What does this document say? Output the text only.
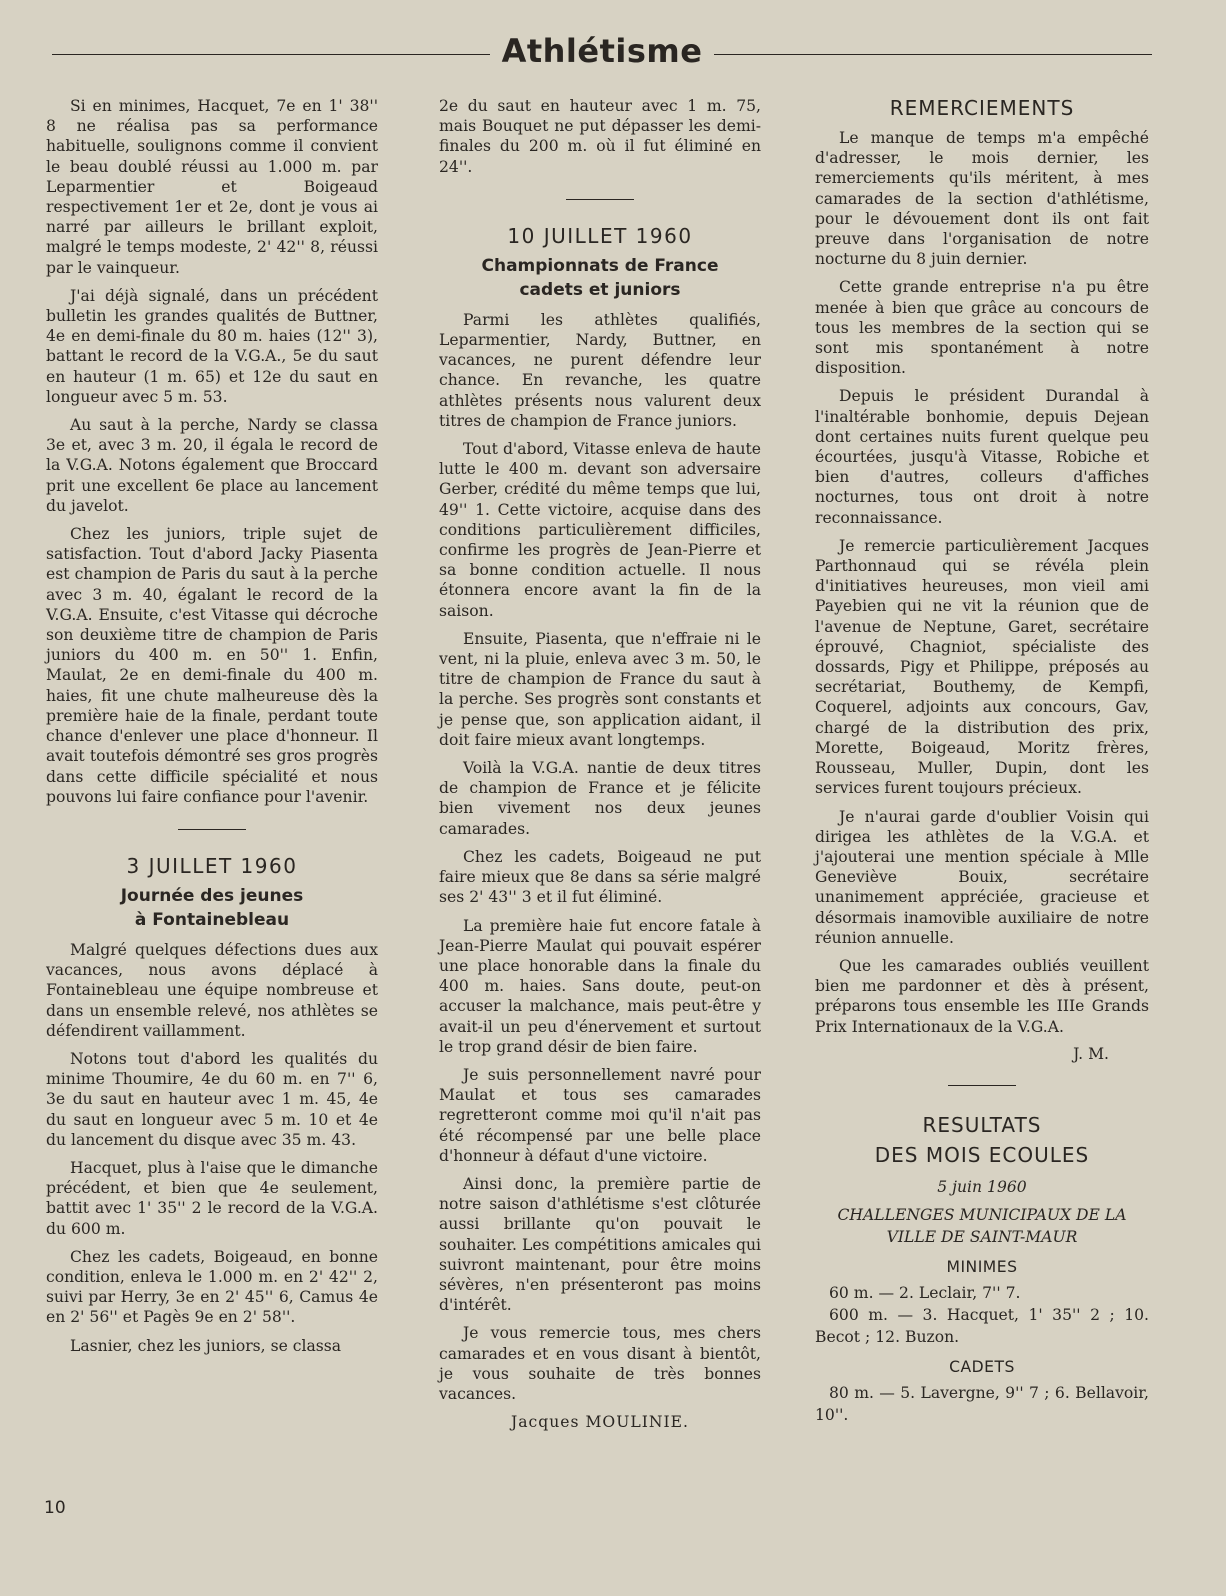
Athlétisme

Si en minimes, Hacquet, 7e en 1' 38'' 8 ne réalisa pas sa performance habituelle, soulignons comme il convient le beau doublé réussi au 1.000 m. par Leparmentier et Boigeaud respectivement 1er et 2e, dont je vous ai narré par ailleurs le brillant exploit, malgré le temps modeste, 2' 42'' 8, réussi par le vainqueur.

J'ai déjà signalé, dans un précédent bulletin les grandes qualités de Buttner, 4e en demi-finale du 80 m. haies (12'' 3), battant le record de la V.G.A., 5e du saut en hauteur (1 m. 65) et 12e du saut en longueur avec 5 m. 53.

Au saut à la perche, Nardy se classa 3e et, avec 3 m. 20, il égala le record de la V.G.A. Notons également que Broccard prit une excellent 6e place au lancement du javelot.

Chez les juniors, triple sujet de satisfaction. Tout d'abord Jacky Piasenta est champion de Paris du saut à la perche avec 3 m. 40, égalant le record de la V.G.A. Ensuite, c'est Vitasse qui décroche son deuxième titre de champion de Paris juniors du 400 m. en 50'' 1. Enfin, Maulat, 2e en demi-finale du 400 m. haies, fit une chute malheureuse dès la première haie de la finale, perdant toute chance d'enlever une place d'honneur. Il avait toutefois démontré ses gros progrès dans cette difficile spécialité et nous pouvons lui faire confiance pour l'avenir.

3 JUILLET 1960
Journée des jeunes
à Fontainebleau

Malgré quelques défections dues aux vacances, nous avons déplacé à Fontainebleau une équipe nombreuse et dans un ensemble relevé, nos athlètes se défendirent vaillamment.

Notons tout d'abord les qualités du minime Thoumire, 4e du 60 m. en 7'' 6, 3e du saut en hauteur avec 1 m. 45, 4e du saut en longueur avec 5 m. 10 et 4e du lancement du disque avec 35 m. 43.

Hacquet, plus à l'aise que le dimanche précédent, et bien que 4e seulement, battit avec 1' 35'' 2 le record de la V.G.A. du 600 m.

Chez les cadets, Boigeaud, en bonne condition, enleva le 1.000 m. en 2' 42'' 2, suivi par Herry, 3e en 2' 45'' 6, Camus 4e en 2' 56'' et Pagès 9e en 2' 58''.

Lasnier, chez les juniors, se classa

2e du saut en hauteur avec 1 m. 75, mais Bouquet ne put dépasser les demi-finales du 200 m. où il fut éliminé en 24''.

10 JUILLET 1960
Championnats de France
cadets et juniors

Parmi les athlètes qualifiés, Leparmentier, Nardy, Buttner, en vacances, ne purent défendre leur chance. En revanche, les quatre athlètes présents nous valurent deux titres de champion de France juniors.

Tout d'abord, Vitasse enleva de haute lutte le 400 m. devant son adversaire Gerber, crédité du même temps que lui, 49'' 1. Cette victoire, acquise dans des conditions particulièrement difficiles, confirme les progrès de Jean-Pierre et sa bonne condition actuelle. Il nous étonnera encore avant la fin de la saison.

Ensuite, Piasenta, que n'effraie ni le vent, ni la pluie, enleva avec 3 m. 50, le titre de champion de France du saut à la perche. Ses progrès sont constants et je pense que, son application aidant, il doit faire mieux avant longtemps.

Voilà la V.G.A. nantie de deux titres de champion de France et je félicite bien vivement nos deux jeunes camarades.

Chez les cadets, Boigeaud ne put faire mieux que 8e dans sa série malgré ses 2' 43'' 3 et il fut éliminé.

La première haie fut encore fatale à Jean-Pierre Maulat qui pouvait espérer une place honorable dans la finale du 400 m. haies. Sans doute, peut-on accuser la malchance, mais peut-être y avait-il un peu d'énervement et surtout le trop grand désir de bien faire.

Je suis personnellement navré pour Maulat et tous ses camarades regretteront comme moi qu'il n'ait pas été récompensé par une belle place d'honneur à défaut d'une victoire.

Ainsi donc, la première partie de notre saison d'athlétisme s'est clôturée aussi brillante qu'on pouvait le souhaiter. Les compétitions amicales qui suivront maintenant, pour être moins sévères, n'en présenteront pas moins d'intérêt.

Je vous remercie tous, mes chers camarades et en vous disant à bientôt, je vous souhaite de très bonnes vacances.

Jacques MOULINIE.
REMERCIEMENTS

Le manque de temps m'a empêché d'adresser, le mois dernier, les remerciements qu'ils méritent, à mes camarades de la section d'athlétisme, pour le dévouement dont ils ont fait preuve dans l'organisation de notre nocturne du 8 juin dernier.

Cette grande entreprise n'a pu être menée à bien que grâce au concours de tous les membres de la section qui se sont mis spontanément à notre disposition.

Depuis le président Durandal à l'inaltérable bonhomie, depuis Dejean dont certaines nuits furent quelque peu écourtées, jusqu'à Vitasse, Robiche et bien d'autres, colleurs d'affiches nocturnes, tous ont droit à notre reconnaissance.

Je remercie particulièrement Jacques Parthonnaud qui se révéla plein d'initiatives heureuses, mon vieil ami Payebien qui ne vit la réunion que de l'avenue de Neptune, Garet, secrétaire éprouvé, Chagniot, spécialiste des dossards, Pigy et Philippe, préposés au secrétariat, Bouthemy, de Kempfi, Coquerel, adjoints aux concours, Gav, chargé de la distribution des prix, Morette, Boigeaud, Moritz frères, Rousseau, Muller, Dupin, dont les services furent toujours précieux.

Je n'aurai garde d'oublier Voisin qui dirigea les athlètes de la V.G.A. et j'ajouterai une mention spéciale à Mlle Geneviève Bouix, secrétaire unanimement appréciée, gracieuse et désormais inamovible auxiliaire de notre réunion annuelle.

Que les camarades oubliés veuillent bien me pardonner et dès à présent, préparons tous ensemble les IIIe Grands Prix Internationaux de la V.G.A.

J. M.
RESULTATS
DES MOIS ECOULES
5 juin 1960
CHALLENGES MUNICIPAUX DE LA
VILLE DE SAINT-MAUR
MINIMES
60 m. — 2. Leclair, 7'' 7.
600 m. — 3. Hacquet, 1' 35'' 2 ; 10. Becot ; 12. Buzon.
CADETS
80 m. — 5. Lavergne, 9'' 7 ; 6. Bellavoir, 10''.
10
